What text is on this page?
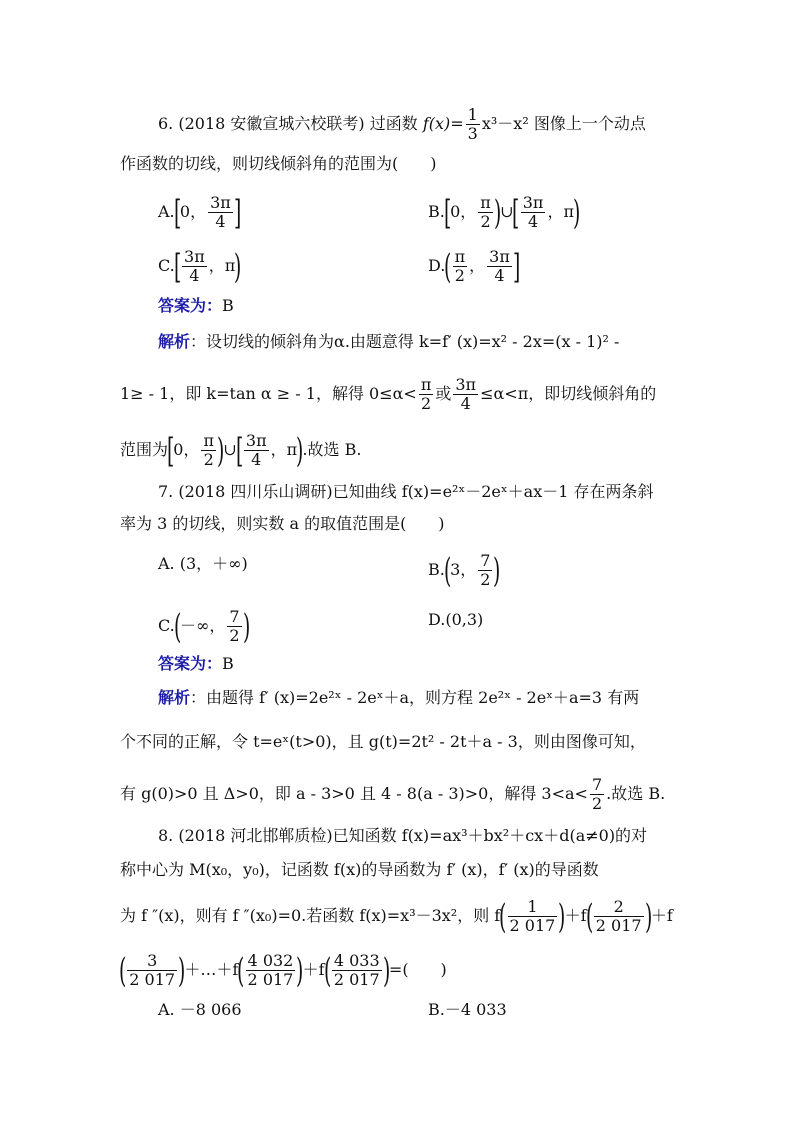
6. (2018 安徽宣城六校联考) 过函数 $f(x)= \frac{1}{3} x^3-x^2$ 图像上一个动点
作函数的切线，则切线倾斜角的范围为(　　)
A.[0， $\frac{3\pi}{4}$ ]	B.[0， $\frac{\pi}{2}$ )∪[ $\frac{3\pi}{4}$ ，π)
$C.[ \frac{3\pi}{4}$ ，π)	$D.( \frac{\pi}{2}$ ， $\frac{3\pi}{4}$ ]
答案为：B
解析：设切线的倾斜角为α.由题意得 k=f′ (x)=x² - 2x=(x - 1)² -
1≥ - 1，即 k=tan α ≥ - 1，解得 $0\le\alpha< \frac{\pi}{2}$ 或 $\frac{3\pi}{4} \le\alpha<\pi$，即切线倾斜角的
范围为[0， $\frac{\pi}{2}$ )∪[ $\frac{3\pi}{4}$ ，π).故选 B.
7. (2018 四川乐山调研)已知曲线 f(x)=e²ˣ－2eˣ＋ax－1 存在两条斜
率为 3 的切线，则实数 a 的取值范围是(　　)
A. (3，＋∞)	B.(3， $\frac{7}{2}$ )
C.(－∞， $\frac{7}{2}$ )	D.(0,3)
答案为：B
解析：由题得 f′ (x)=2e²ˣ - 2eˣ＋a，则方程 2e²ˣ - 2eˣ＋a=3 有两
个不同的正解，令 t=eˣ(t>0)，且 g(t)=2t² - 2t＋a - 3，则由图像可知，
有 g(0)>0 且 Δ>0，即 a - 3>0 且 4 - 8(a - 3)>0，解得 $3<a< \frac{7}{2}$ .故选 B.
8. (2018 河北邯郸质检)已知函数 f(x)=ax³＋bx²＋cx＋d(a≠0)的对
称中心为 M(x₀，y₀)，记函数 f(x)的导函数为 f′ (x)，f′ (x)的导函数
为 f ″(x)，则有 f ″(x₀)=0.若函数 f(x)=x³－3x²，则 $f( \frac{1}{2 017} )+f( \frac{2}{2 017} )+f$
( $\frac{3}{2 017}$ )＋…＋f( $\frac{4 032}{2 017} )+f( \frac{4 033}{2 017}$ )=(　　)
A. －8 066	B.－4 033
